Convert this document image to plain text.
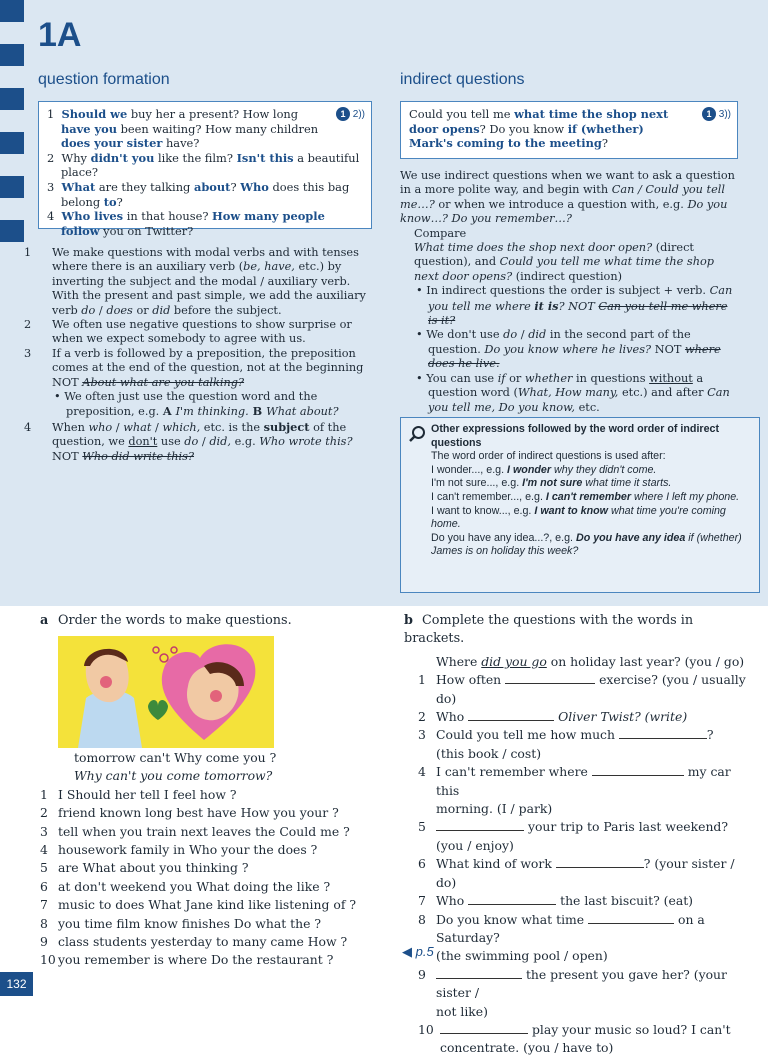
1A
question formation	indirect questions
1 2))

1 Should we buy her a present? How long have you been waiting? How many children does your sister have?

2 Why didn't you like the film? Isn't this a beautiful place?

3 What are they talking about? Who does this bag belong to?

4 Who lives in that house? How many people follow you on Twitter?

1 3))

Could you tell me what time the shop next door opens? Do you know if (whether) Mark's coming to the meeting?

1 We make questions with modal verbs and with tenses where there is an auxiliary verb (be, have, etc.) by inverting the subject and the modal / auxiliary verb. With the present and past simple, we add the auxiliary verb do / does or did before the subject.

2 We often use negative questions to show surprise or when we expect somebody to agree with us.

3 If a verb is followed by a preposition, the preposition comes at the end of the question, not at the beginning NOT About what are you talking?

• We often just use the question word and the preposition, e.g. A I'm thinking. B What about?

4 When who / what / which, etc. is the subject of the question, we don't use do / did, e.g. Who wrote this? NOT Who did write this?

We use indirect questions when we want to ask a question in a more polite way, and begin with Can / Could you tell me…? or when we introduce a question with, e.g. Do you know…? Do you remember…?

Compare

What time does the shop next door open? (direct question), and Could you tell me what time the shop next door opens? (indirect question)

• In indirect questions the order is subject + verb. Can you tell me where it is? NOT Can you tell me where is it?

• We don't use do / did in the second part of the question. Do you know where he lives? NOT where does he live.

• You can use if or whether in questions without a question word (What, How many, etc.) and after Can you tell me, Do you know, etc.

Other expressions followed by the word order of indirect questions

The word order of indirect questions is used after:

I wonder..., e.g. I wonder why they didn't come.

I'm not sure..., e.g. I'm not sure what time it starts.

I can't remember..., e.g. I can't remember where I left my phone.

I want to know..., e.g. I want to know what time you're coming home.

Do you have any idea...?, e.g. Do you have any idea if (whether) James is on holiday this week?

a Order the words to make questions.

tomorrow can't Why come you ?

Why can't you come tomorrow?

1 I Should her tell I feel how ?

2 friend known long best have How you your ?

3 tell when you train next leaves the Could me ?

4 housework family in Who your the does ?

5 are What about you thinking ?

6 at don't weekend you What doing the like ?

7 music to does What Jane kind like listening of ?

8 you time film know finishes Do what the ?

9 class students yesterday to many came How ?

10 you remember is where Do the restaurant ?

b Complete the questions with the words in brackets.

Where did you go on holiday last year? (you / go)

1 How often	exercise? (you / usually do)

2 Who	Oliver Twist? (write)

3 Could you tell me how much	?
(this book / cost)

4 I can't remember where	my car this
morning. (I / park)

5	your trip to Paris last weekend?
(you / enjoy)

6 What kind of work	? (your sister / do)

7 Who	the last biscuit? (eat)

8 Do you know what time	on a Saturday?
(the swimming pool / open)

9	the present you gave her? (your sister /
not like)

10	play your music so loud? I can't
concentrate. (you / have to)

◀ p.5
132
